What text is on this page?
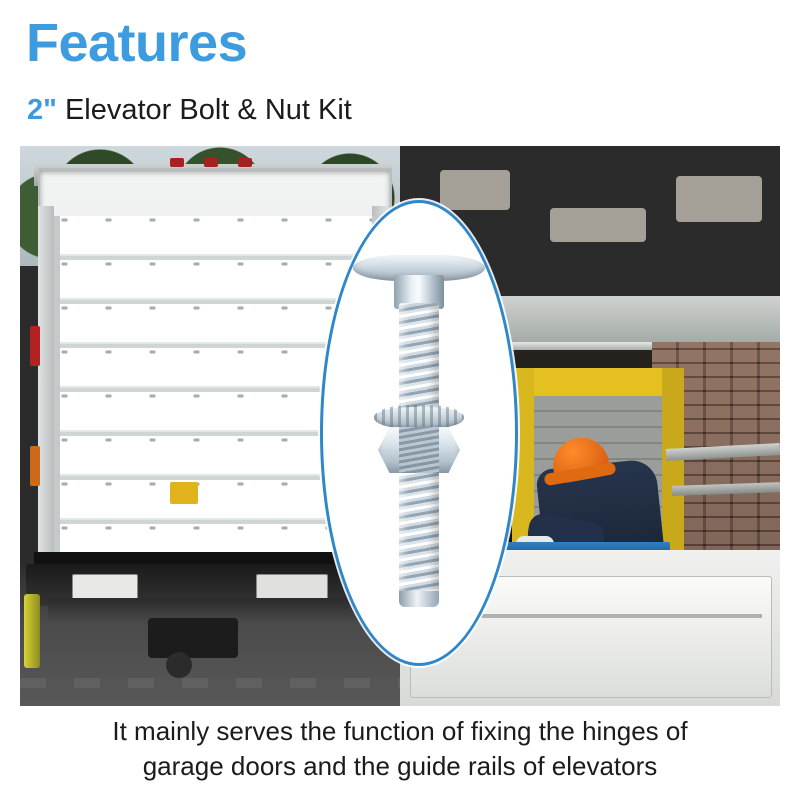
Features
2" Elevator Bolt & Nut Kit
It mainly serves the function of fixing the hinges of
garage doors and the guide rails of elevators
